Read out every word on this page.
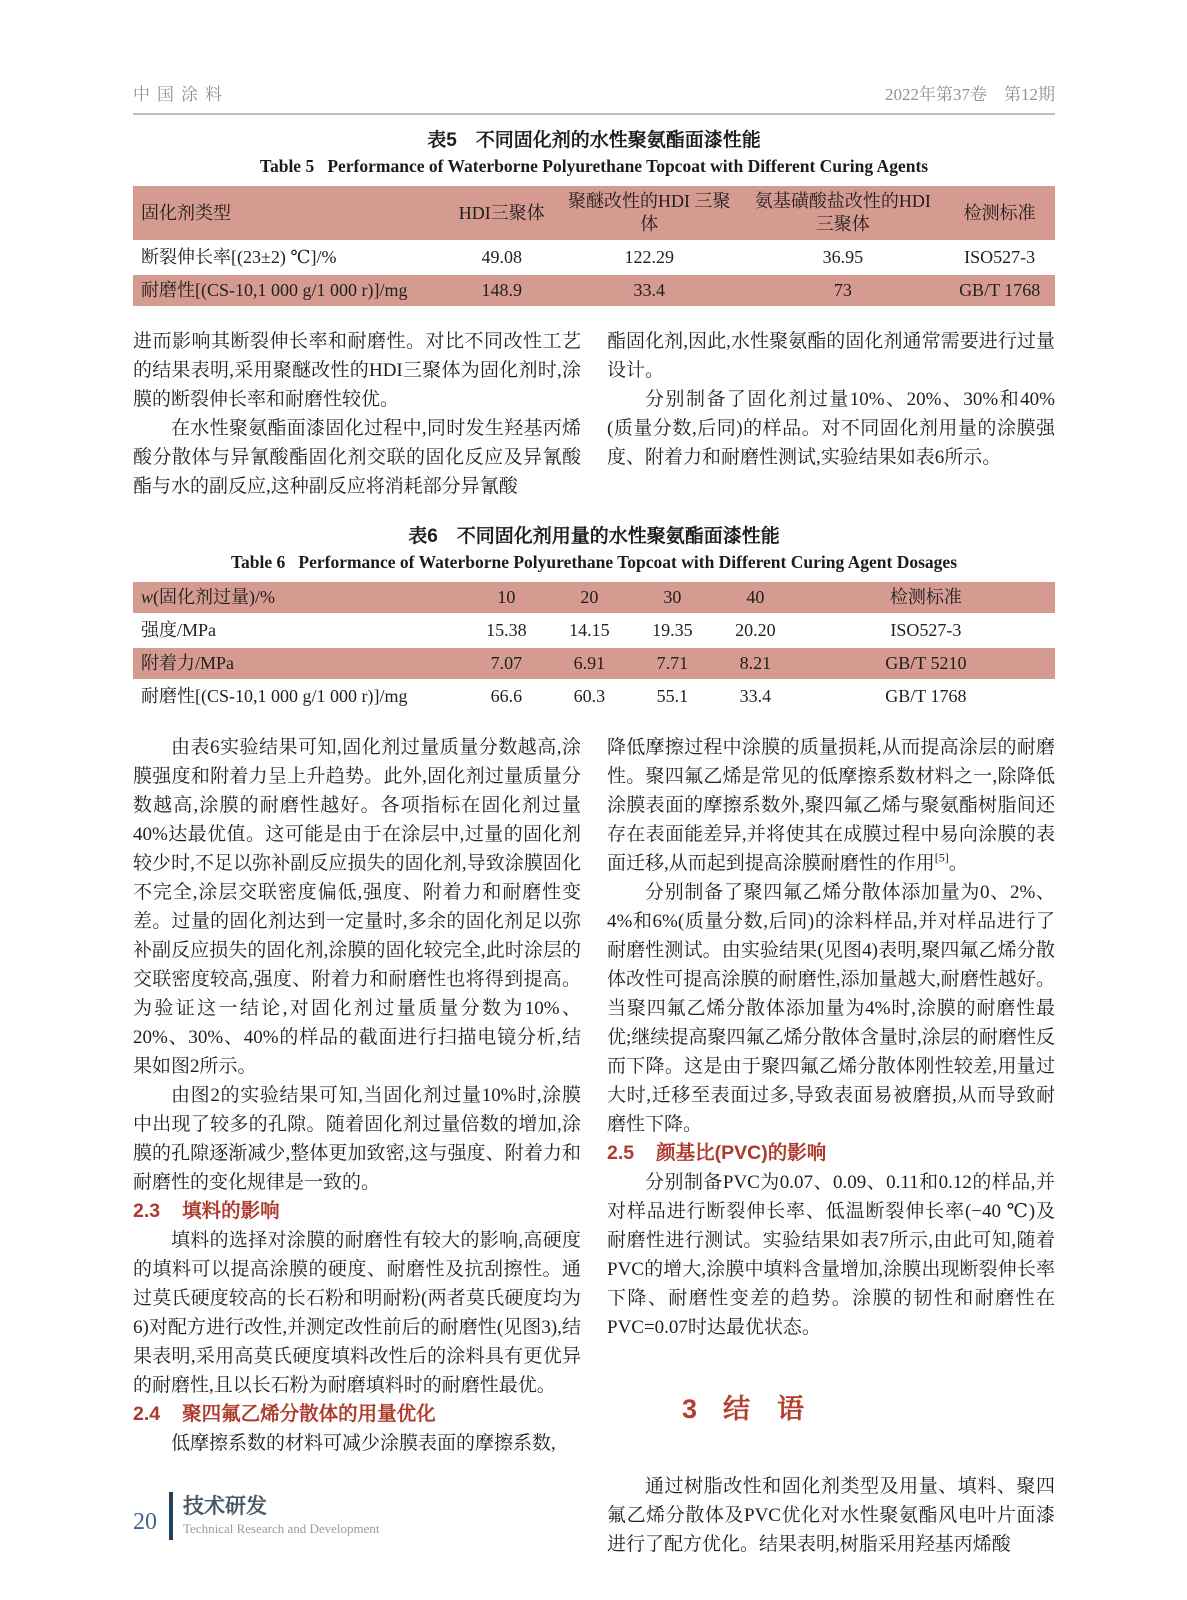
中国涂料	2022年第37卷　第12期
表5　不同固化剂的水性聚氨酯面漆性能
Table 5   Performance of Waterborne Polyurethane Topcoat with Different Curing Agents
固化剂类型	HDI三聚体	聚醚改性的HDI 三聚体	氨基磺酸盐改性的HDI三聚体	检测标准
断裂伸长率[(23±2) ℃]/%	49.08	122.29	36.95	ISO527-3
耐磨性[(CS-10,1 000 g/1 000 r)]/mg	148.9	33.4	73	GB/T 1768

进而影响其断裂伸长率和耐磨性。对比不同改性工艺的结果表明,采用聚醚改性的HDI三聚体为固化剂时,涂膜的断裂伸长率和耐磨性较优。

在水性聚氨酯面漆固化过程中,同时发生羟基丙烯酸分散体与异氰酸酯固化剂交联的固化反应及异氰酸酯与水的副反应,这种副反应将消耗部分异氰酸

酯固化剂,因此,水性聚氨酯的固化剂通常需要进行过量设计。

分别制备了固化剂过量10%、20%、30%和40%(质量分数,后同)的样品。对不同固化剂用量的涂膜强度、附着力和耐磨性测试,实验结果如表6所示。

表6　不同固化剂用量的水性聚氨酯面漆性能
Table 6   Performance of Waterborne Polyurethane Topcoat with Different Curing Agent Dosages
w(固化剂过量)/%	10	20	30	40	检测标准
强度/MPa	15.38	14.15	19.35	20.20	ISO527-3
附着力/MPa	7.07	6.91	7.71	8.21	GB/T 5210
耐磨性[(CS-10,1 000 g/1 000 r)]/mg	66.6	60.3	55.1	33.4	GB/T 1768

由表6实验结果可知,固化剂过量质量分数越高,涂膜强度和附着力呈上升趋势。此外,固化剂过量质量分数越高,涂膜的耐磨性越好。各项指标在固化剂过量40%达最优值。这可能是由于在涂层中,过量的固化剂较少时,不足以弥补副反应损失的固化剂,导致涂膜固化不完全,涂层交联密度偏低,强度、附着力和耐磨性变差。过量的固化剂达到一定量时,多余的固化剂足以弥补副反应损失的固化剂,涂膜的固化较完全,此时涂层的交联密度较高,强度、附着力和耐磨性也将得到提高。为验证这一结论,对固化剂过量质量分数为10%、20%、30%、40%的样品的截面进行扫描电镜分析,结果如图2所示。

由图2的实验结果可知,当固化剂过量10%时,涂膜中出现了较多的孔隙。随着固化剂过量倍数的增加,涂膜的孔隙逐渐减少,整体更加致密,这与强度、附着力和耐磨性的变化规律是一致的。

2.3 填料的影响

填料的选择对涂膜的耐磨性有较大的影响,高硬度的填料可以提高涂膜的硬度、耐磨性及抗刮擦性。通过莫氏硬度较高的长石粉和明耐粉(两者莫氏硬度均为6)对配方进行改性,并测定改性前后的耐磨性(见图3),结果表明,采用高莫氏硬度填料改性后的涂料具有更优异的耐磨性,且以长石粉为耐磨填料时的耐磨性最优。

2.4 聚四氟乙烯分散体的用量优化

低摩擦系数的材料可减少涂膜表面的摩擦系数,

降低摩擦过程中涂膜的质量损耗,从而提高涂层的耐磨性。聚四氟乙烯是常见的低摩擦系数材料之一,除降低涂膜表面的摩擦系数外,聚四氟乙烯与聚氨酯树脂间还存在表面能差异,并将使其在成膜过程中易向涂膜的表面迁移,从而起到提高涂膜耐磨性的作用[5]。

分别制备了聚四氟乙烯分散体添加量为0、2%、4%和6%(质量分数,后同)的涂料样品,并对样品进行了耐磨性测试。由实验结果(见图4)表明,聚四氟乙烯分散体改性可提高涂膜的耐磨性,添加量越大,耐磨性越好。当聚四氟乙烯分散体添加量为4%时,涂膜的耐磨性最优;继续提高聚四氟乙烯分散体含量时,涂层的耐磨性反而下降。这是由于聚四氟乙烯分散体刚性较差,用量过大时,迁移至表面过多,导致表面易被磨损,从而导致耐磨性下降。

2.5 颜基比(PVC)的影响

分别制备PVC为0.07、0.09、0.11和0.12的样品,并对样品进行断裂伸长率、低温断裂伸长率(−40 ℃)及耐磨性进行测试。实验结果如表7所示,由此可知,随着PVC的增大,涂膜中填料含量增加,涂膜出现断裂伸长率下降、耐磨性变差的趋势。涂膜的韧性和耐磨性在PVC=0.07时达最优状态。

3 结　语

通过树脂改性和固化剂类型及用量、填料、聚四氟乙烯分散体及PVC优化对水性聚氨酯风电叶片面漆进行了配方优化。结果表明,树脂采用羟基丙烯酸

20
技术研发
Technical Research and Development
